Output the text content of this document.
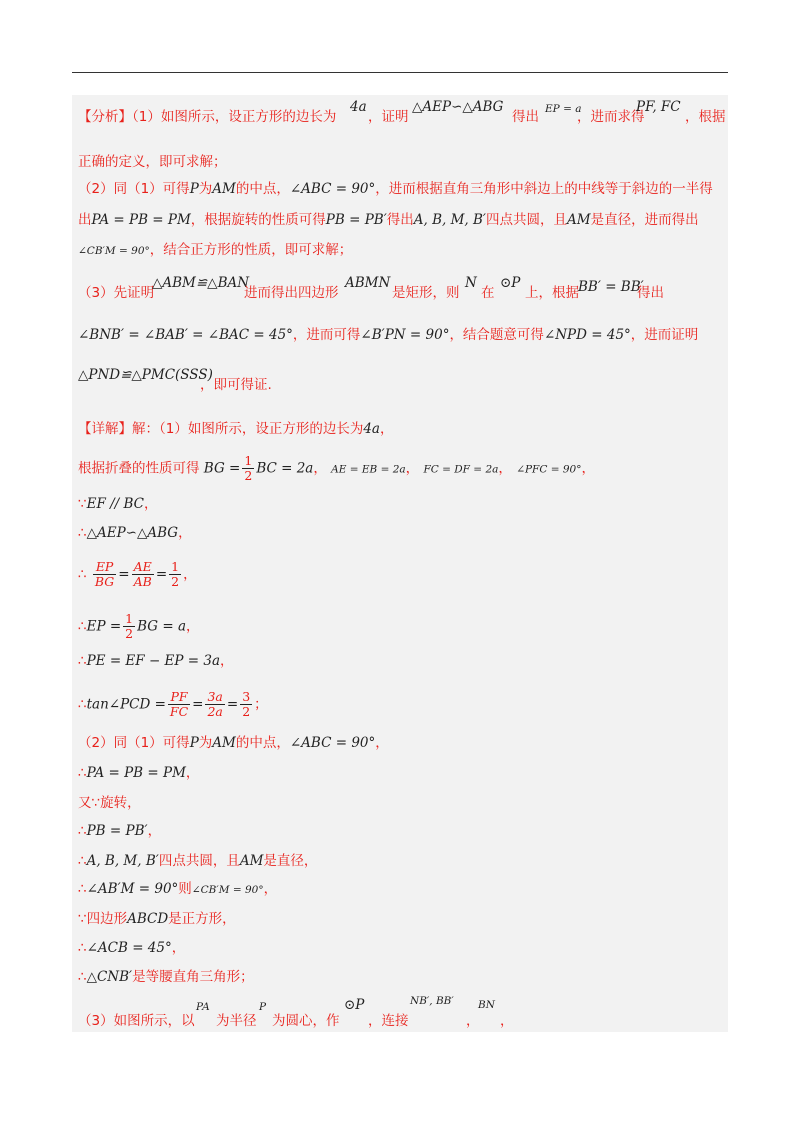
【分析】（1）如图所示，设正方形的边长为
4a
，证明
△AEP∽△ABG
得出 EP = a
，进而求得
PF, FC
，根据
正确的定义，即可求解；
（2）同（1）可得P为AM的中点，∠ABC = 90°，进而根据直角三角形中斜边上的中线等于斜边的一半得
出PA = PB = PM，根据旋转的性质可得PB = PB′得出A, B, M, B′四点共圆，且AM是直径，进而得出
∠CB′M = 90°，结合正方形的性质，即可求解；
（3）先证明
△ABM≌△BAN
进而得出四边形
ABMN
是矩形，则
N
在
⊙P
上，根据 BB′ = BB′
得出
∠BNB′ = ∠BAB′ = ∠BAC = 45°，进而可得∠B′PN = 90°，结合题意可得∠NPD = 45°，进而证明
△PND≌△PMC(SSS)
，即可得证.
【详解】解：（1）如图所示，设正方形的边长为4a，
根据折叠的性质可得 BG = $\frac{1}{2}$ BC = 2a， AE = EB = 2a， FC = DF = 2a， ∠PFC = 90°，
∵EF // BC，
∴△AEP∽△ABG，
∴ $\frac{EP}{BG} = \frac{AE}{AB} = \frac{1}{2}$ ，
∴EP = $\frac{1}{2}$ BG = a，
∴PE = EF − EP = 3a，
∴tan∠PCD = $\frac{PF}{FC} = \frac{3a}{2a} = \frac{3}{2}$ ；
（2）同（1）可得P为AM的中点，∠ABC = 90°，
∴PA = PB = PM，
又∵旋转，
∴PB = PB′，
∴A, B, M, B′四点共圆，且AM是直径，
∴∠AB′M = 90°则∠CB′M = 90°，
∵四边形ABCD是正方形，
∴∠ACB = 45°，
∴△CNB′是等腰直角三角形；
（3）如图所示，以
PA
为半径
P
为圆心，作
⊙P
，连接
NB′, BB′
，
BN
，
